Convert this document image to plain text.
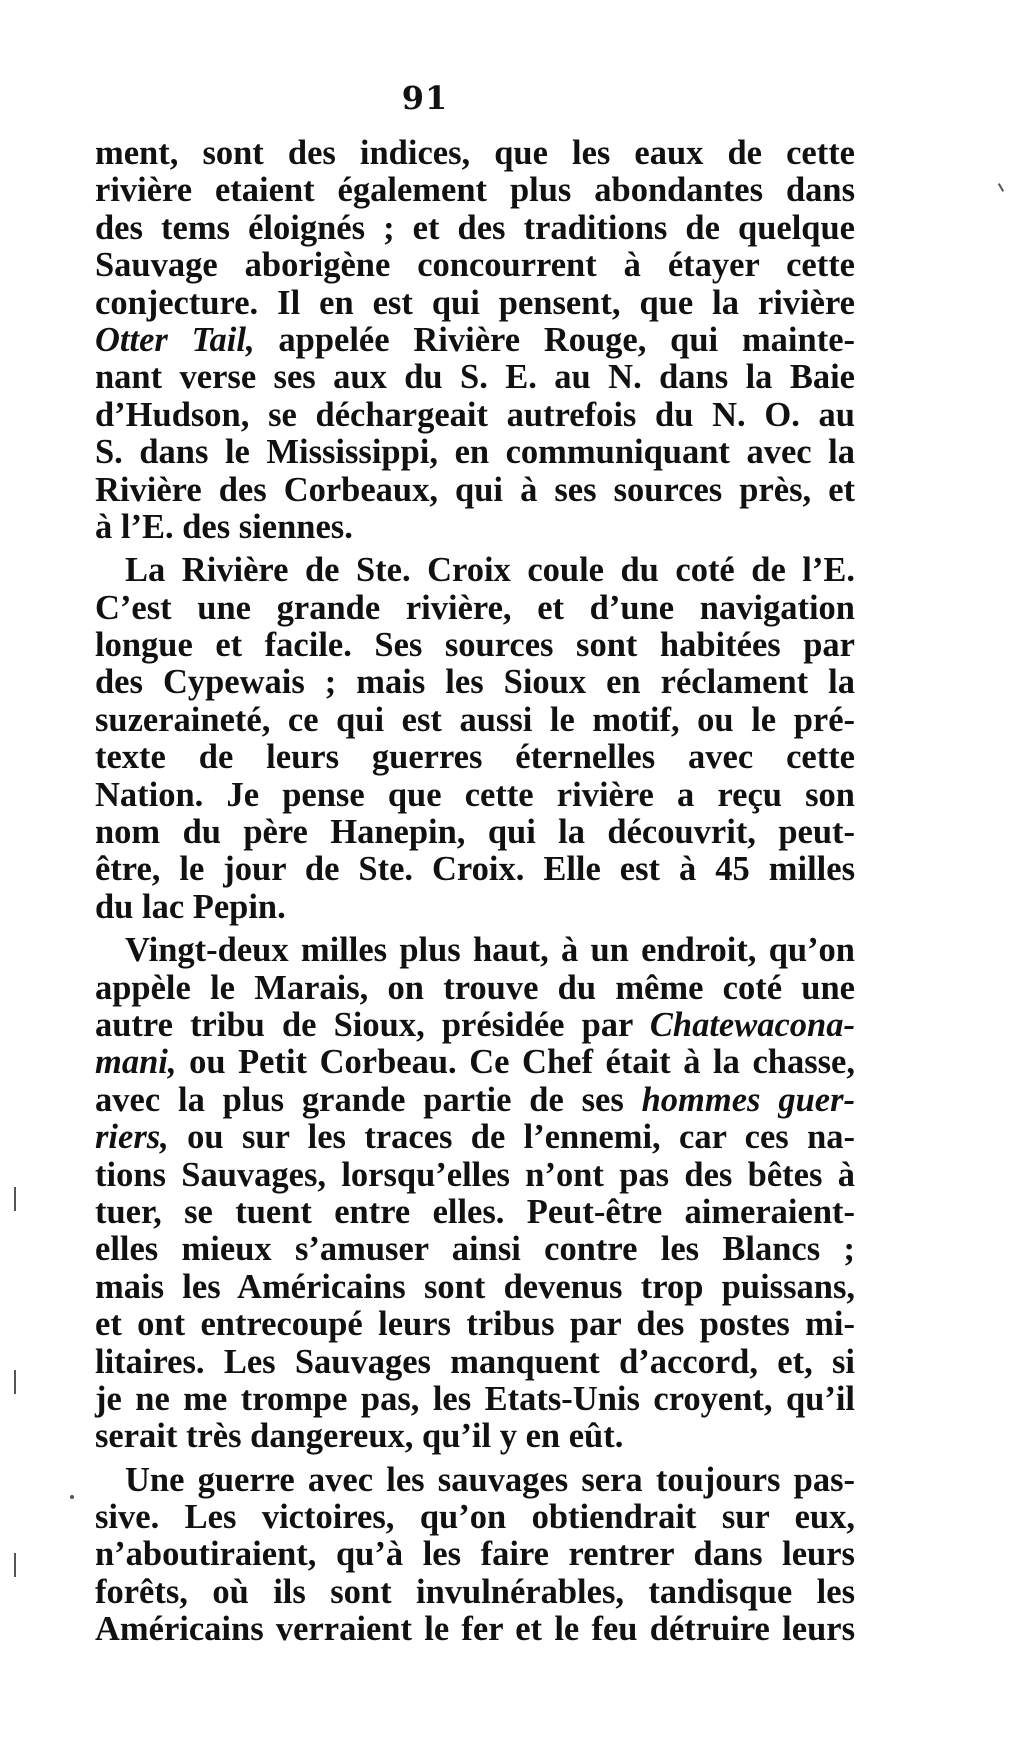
91
ment, sont des indices, que les eaux de cette
rivière etaient également plus abondantes dans
des tems éloignés ; et des traditions de quelque
Sauvage aborigène concourrent à étayer cette
conjecture. Il en est qui pensent, que la rivière
Otter Tail, appelée Rivière Rouge, qui mainte-
nant verse ses aux du S. E. au N. dans la Baie
d’Hudson, se déchargeait autrefois du N. O. au
S. dans le Mississippi, en communiquant avec la
Rivière des Corbeaux, qui à ses sources près, et
à l’E. des siennes.
La Rivière de Ste. Croix coule du coté de l’E.
C’est une grande rivière, et d’une navigation
longue et facile. Ses sources sont habitées par
des Cypewais ; mais les Sioux en réclament la
suzeraineté, ce qui est aussi le motif, ou le pré-
texte de leurs guerres éternelles avec cette
Nation. Je pense que cette rivière a reçu son
nom du père Hanepin, qui la découvrit, peut-
être, le jour de Ste. Croix. Elle est à 45 milles
du lac Pepin.
Vingt-deux milles plus haut, à un endroit, qu’on
appèle le Marais, on trouve du même coté une
autre tribu de Sioux, présidée par Chatewacona-
mani, ou Petit Corbeau. Ce Chef était à la chasse,
avec la plus grande partie de ses hommes guer-
riers, ou sur les traces de l’ennemi, car ces na-
tions Sauvages, lorsqu’elles n’ont pas des bêtes à
tuer, se tuent entre elles. Peut-être aimeraient-
elles mieux s’amuser ainsi contre les Blancs ;
mais les Américains sont devenus trop puissans,
et ont entrecoupé leurs tribus par des postes mi-
litaires. Les Sauvages manquent d’accord, et, si
je ne me trompe pas, les Etats-Unis croyent, qu’il
serait très dangereux, qu’il y en eût.
Une guerre avec les sauvages sera toujours pas-
sive. Les victoires, qu’on obtiendrait sur eux,
n’aboutiraient, qu’à les faire rentrer dans leurs
forêts, où ils sont invulnérables, tandisque les
Américains verraient le fer et le feu détruire leurs
